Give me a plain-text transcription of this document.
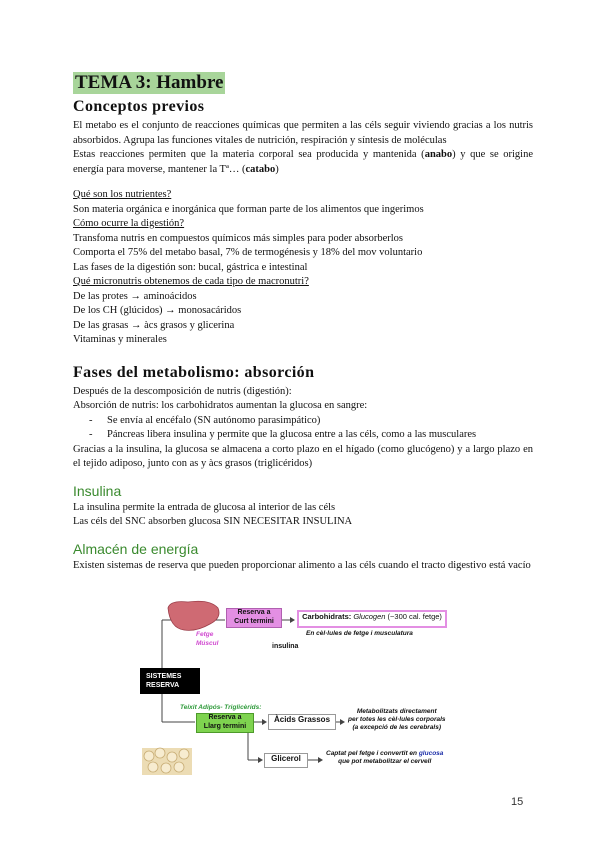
TEMA 3: Hambre
Conceptos previos

El metabo es el conjunto de reacciones químicas que permiten a las céls seguir viviendo gracias a los nutris absorbidos. Agrupa las funciones vitales de nutrición, respiración y síntesis de moléculas

Estas reacciones permiten que la materia corporal sea producida y mantenida (anabo) y que se origine energía para moverse, mantener la Tª… (catabo)

Qué son los nutrientes?

Son materia orgánica e inorgánica que forman parte de los alimentos que ingerimos

Cómo ocurre la digestión?

Transfoma nutris en compuestos químicos más simples para poder absorberlos

Comporta el 75% del metabo basal, 7% de termogénesis y 18% del mov voluntario

Las fases de la digestión son: bucal, gástrica e intestinal

Qué micronutris obtenemos de cada tipo de macronutri?

De las protes → aminoácidos

De los CH (glúcidos) → monosacáridos

De las grasas → àcs grasos y glicerina

Vitaminas y minerales

Fases del metabolismo: absorción

Después de la descomposición de nutris (digestión):

Absorción de nutris: los carbohidratos aumentan la glucosa en sangre:

- Se envía al encéfalo (SN autónomo parasimpático)
- Páncreas libera insulina y permite que la glucosa entre a las céls, como a las musculares

Gracias a la insulina, la glucosa se almacena a corto plazo en el hígado (como glucógeno) y a largo plazo en el tejido adiposo, junto con as y àcs grasos (triglicéridos)

Insulina

La insulina permite la entrada de glucosa al interior de las céls

Las céls del SNC absorben glucosa SIN NECESITAR INSULINA

Almacén de energía

Existen sistemas de reserva que pueden proporcionar alimento a las céls cuando el tracto digestivo está vacío

Fetge
Múscul
Reserva a
Curt termini	Carbohidrats: Glucogen (~300 cal. fetge)
En cèl·lules de fetge i musculatura
insulina
SISTEMES RESERVA
Teixit Adipós- Triglicèrids:
Reserva a
Llarg termini
Àcids Grassos
Metabolitzats directament
per totes les cèl·lules corporals
(a excepció de les cerebrals)
Glicerol
Captat pel fetge i convertit en glucosa
que pot metabolitzar el cervell
15
